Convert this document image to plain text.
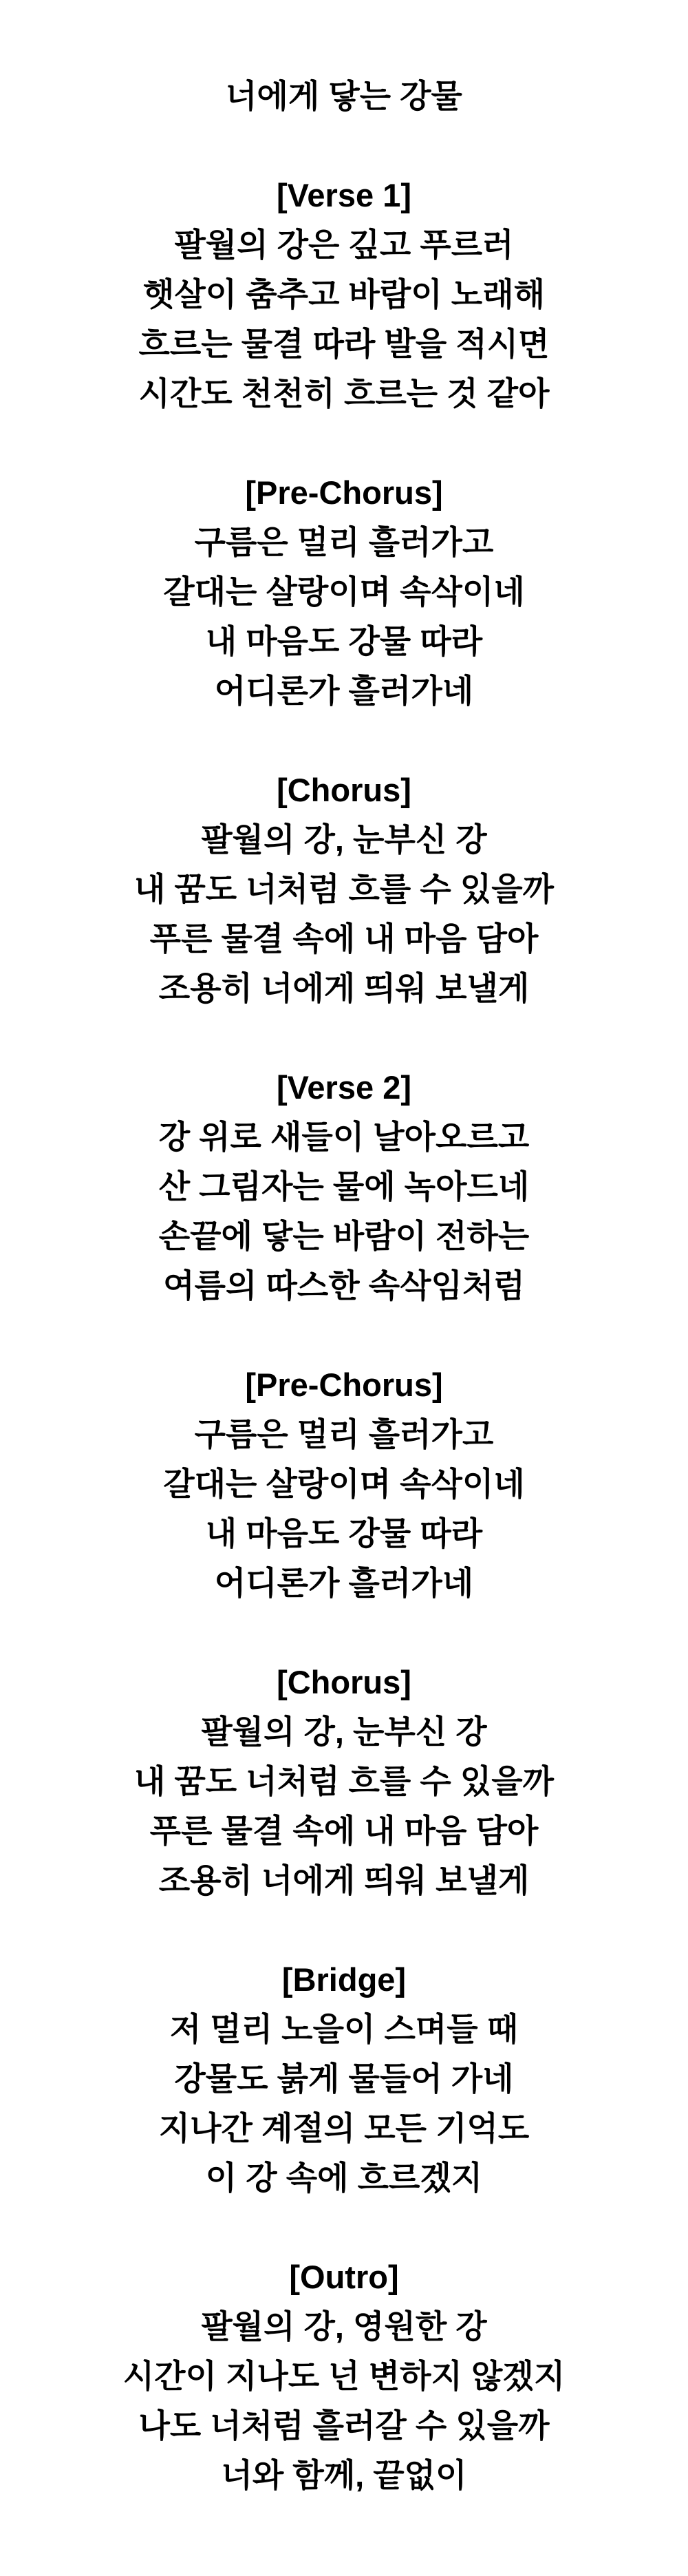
너에게 닿는 강물
[Verse 1]
팔월의 강은 깊고 푸르러
햇살이 춤추고 바람이 노래해
흐르는 물결 따라 발을 적시면
시간도 천천히 흐르는 것 같아
[Pre-Chorus]
구름은 멀리 흘러가고
갈대는 살랑이며 속삭이네
내 마음도 강물 따라
어디론가 흘러가네
[Chorus]
팔월의 강, 눈부신 강
내 꿈도 너처럼 흐를 수 있을까
푸른 물결 속에 내 마음 담아
조용히 너에게 띄워 보낼게
[Verse 2]
강 위로 새들이 날아오르고
산 그림자는 물에 녹아드네
손끝에 닿는 바람이 전하는
여름의 따스한 속삭임처럼
[Pre-Chorus]
구름은 멀리 흘러가고
갈대는 살랑이며 속삭이네
내 마음도 강물 따라
어디론가 흘러가네
[Chorus]
팔월의 강, 눈부신 강
내 꿈도 너처럼 흐를 수 있을까
푸른 물결 속에 내 마음 담아
조용히 너에게 띄워 보낼게
[Bridge]
저 멀리 노을이 스며들 때
강물도 붉게 물들어 가네
지나간 계절의 모든 기억도
이 강 속에 흐르겠지
[Outro]
팔월의 강, 영원한 강
시간이 지나도 넌 변하지 않겠지
나도 너처럼 흘러갈 수 있을까
너와 함께, 끝없이
